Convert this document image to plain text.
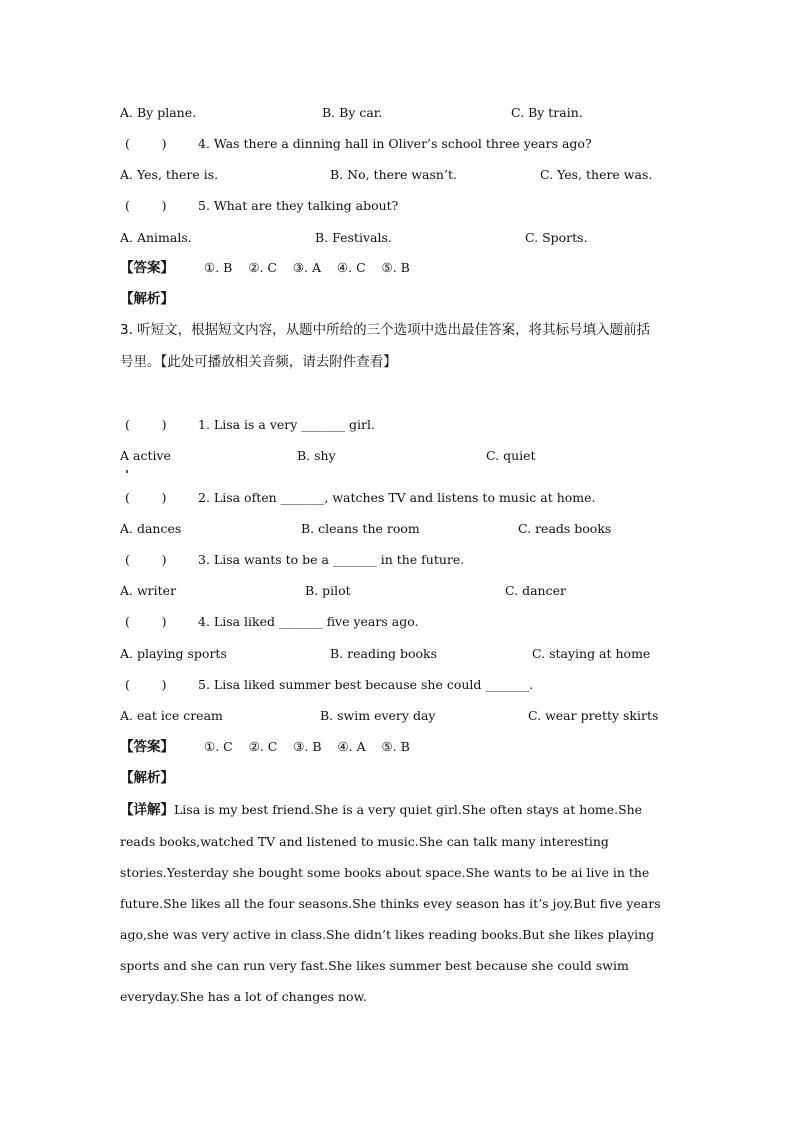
A. By plane.	B. By car.	C. By train.
(        )	4. Was there a dinning hall in Oliver’s school three years ago?
A. Yes, there is.	B. No, there wasn’t.	C. Yes, there was.
(        )	5. What are they talking about?
A. Animals.	B. Festivals.	C. Sports.
【答案】 ①. B    ②. C    ③. A    ④. C    ⑤. B
【解析】
3. 听短文，根据短文内容，从题中所给的三个选项中选出最佳答案，将其标号填入题前括
号里。【此处可播放相关音频，请去附件查看】
(        )	1. Lisa is a very _______ girl.
A active	B. shy	C. quiet
(        )	2. Lisa often _______, watches TV and listens to music at home.
A. dances	B. cleans the room	C. reads books
(        )	3. Lisa wants to be a _______ in the future.
A. writer	B. pilot	C. dancer
(        )	4. Lisa liked _______ five years ago.
A. playing sports	B. reading books	C. staying at home
(        )	5. Lisa liked summer best because she could _______.
A. eat ice cream	B. swim every day	C. wear pretty skirts
【答案】 ①. C    ②. C    ③. B    ④. A    ⑤. B
【解析】
【详解】Lisa is my best friend.She is a very quiet girl.She often stays at home.She reads books,watched TV and listened to music.She can talk many interesting stories.Yesterday she bought some books about space.She wants to be ai live in the future.She likes all the four seasons.She thinks evey season has it’s joy.But five years ago,she was very active in class.She didn’t likes reading books.But she likes playing sports and she can run very fast.She likes summer best because she could swim everyday.She has a lot of changes now.
